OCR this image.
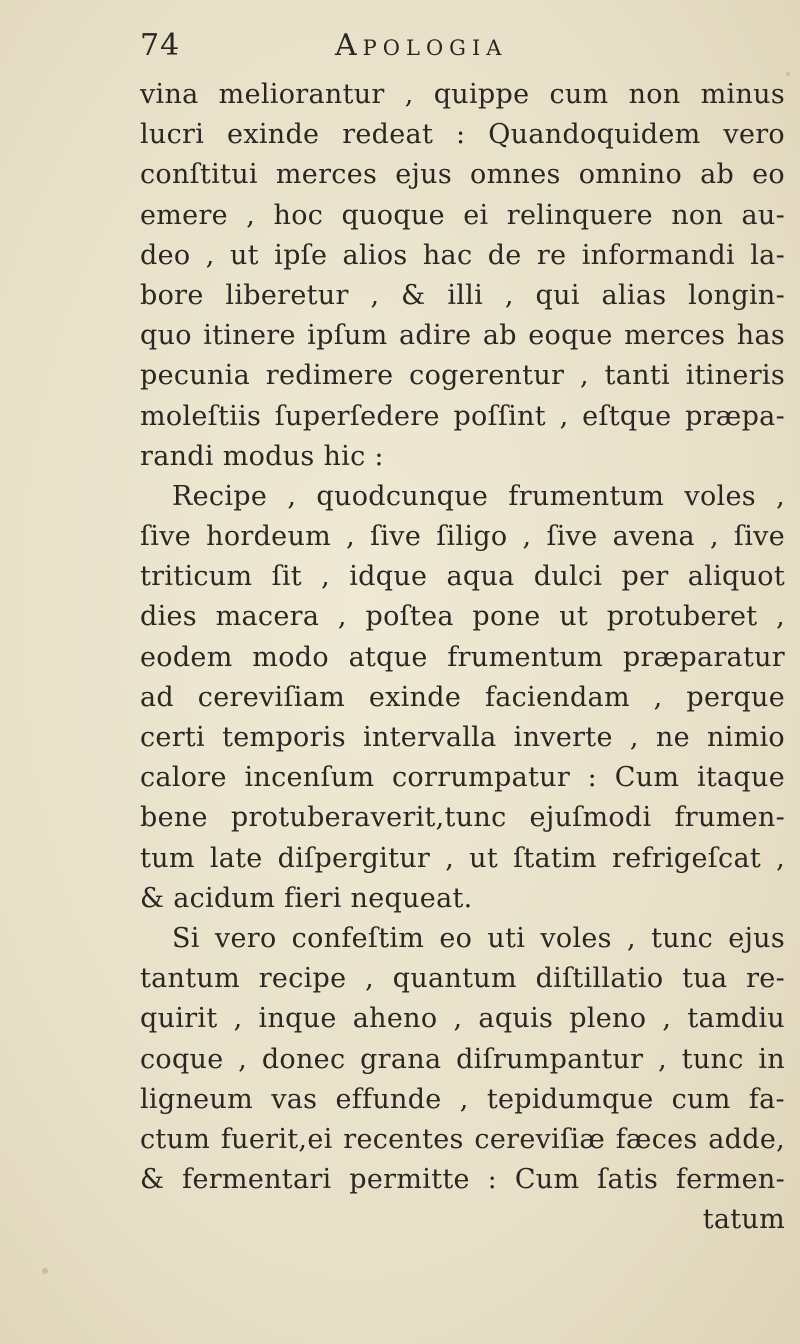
74	Apologia
vina meliorantur , quippe cum non minus
lucri exinde redeat : Quandoquidem vero
conſtitui merces ejus omnes omnino ab eo
emere , hoc quoque ei relinquere non au-
deo , ut ipſe alios hac de re informandi la-
bore liberetur , & illi , qui alias longin-
quo itinere ipſum adire ab eoque merces has
pecunia redimere cogerentur , tanti itineris
moleſtiis ſuperſedere poſſint , eſtque præpa-
randi modus hic :
Recipe , quodcunque frumentum voles ,
ſive hordeum , ſive ſiligo , ſive avena , ſive
triticum ſit , idque aqua dulci per aliquot
dies macera , poſtea pone ut protuberet ,
eodem modo atque frumentum præparatur
ad cereviſiam exinde faciendam , perque
certi temporis intervalla inverte , ne nimio
calore incenſum corrumpatur : Cum itaque
bene protuberaverit,tunc ejuſmodi frumen-
tum late diſpergitur , ut ſtatim refrigeſcat ,
& acidum fieri nequeat.
Si vero confeſtim eo uti voles , tunc ejus
tantum recipe , quantum diſtillatio tua re-
quirit , inque aheno , aquis pleno , tamdiu
coque , donec grana diſrumpantur , tunc in
ligneum vas effunde , tepidumque cum fa-
ctum fuerit,ei recentes cereviſiæ fæces adde,
& fermentari permitte : Cum ſatis fermen-
tatum
